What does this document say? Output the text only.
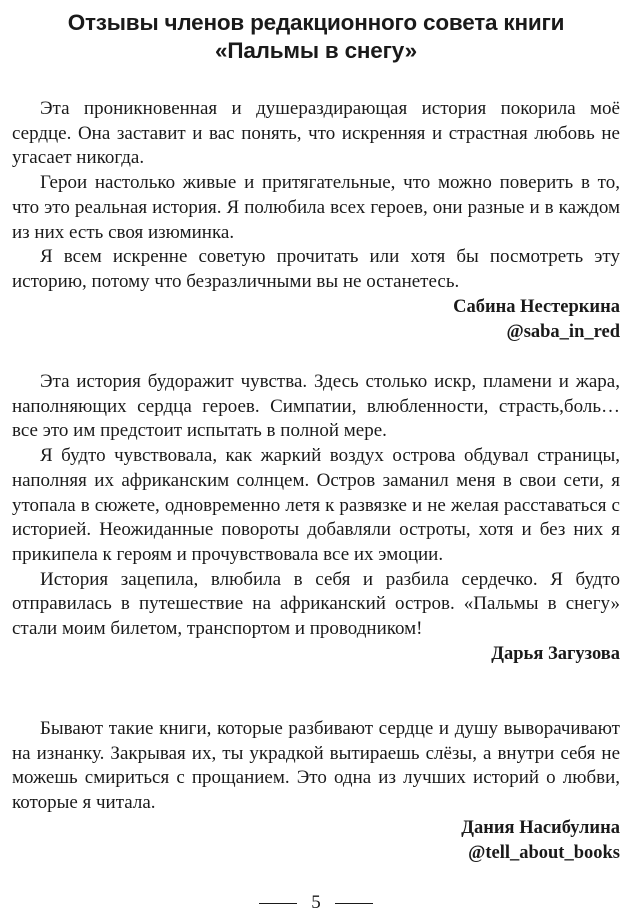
Отзывы членов редакционного совета книги
«Пальмы в снегу»

Эта проникновенная и душераздирающая история покорила моё сердце. Она заставит и вас понять, что искренняя и страстная любовь не угасает никогда.

Герои настолько живые и притягательные, что можно поверить в то, что это реальная история. Я полюбила всех героев, они разные и в каждом из них есть своя изюминка.

Я всем искренне советую прочитать или хотя бы посмотреть эту историю, потому что безразличными вы не останетесь.

Сабина Нестеркина

@saba_in_red

Эта история будоражит чувства. Здесь столько искр, пламени и жара, наполняющих сердца героев. Симпатии, влюбленности, страсть,боль… все это им предстоит испытать в полной мере.

Я будто чувствовала, как жаркий воздух острова обдувал страницы, наполняя их африканским солнцем. Остров заманил меня в свои сети, я утопала в сюжете, одновременно летя к развязке и не желая расставаться с историей. Неожиданные повороты добавляли остроты, хотя и без них я прикипела к героям и прочувствовала все их эмоции.

История зацепила, влюбила в себя и разбила сердечко. Я будто отправилась в путешествие на африканский остров. «Пальмы в снегу» стали моим билетом, транспортом и проводником!

Дарья Загузова

Бывают такие книги, которые разбивают сердце и душу выворачивают на изнанку. Закрывая их, ты украдкой вытираешь слёзы, а внутри себя не можешь смириться с прощанием. Это одна из лучших историй о любви, которые я читала.

Дания Насибулина

@tell_about_books

5
